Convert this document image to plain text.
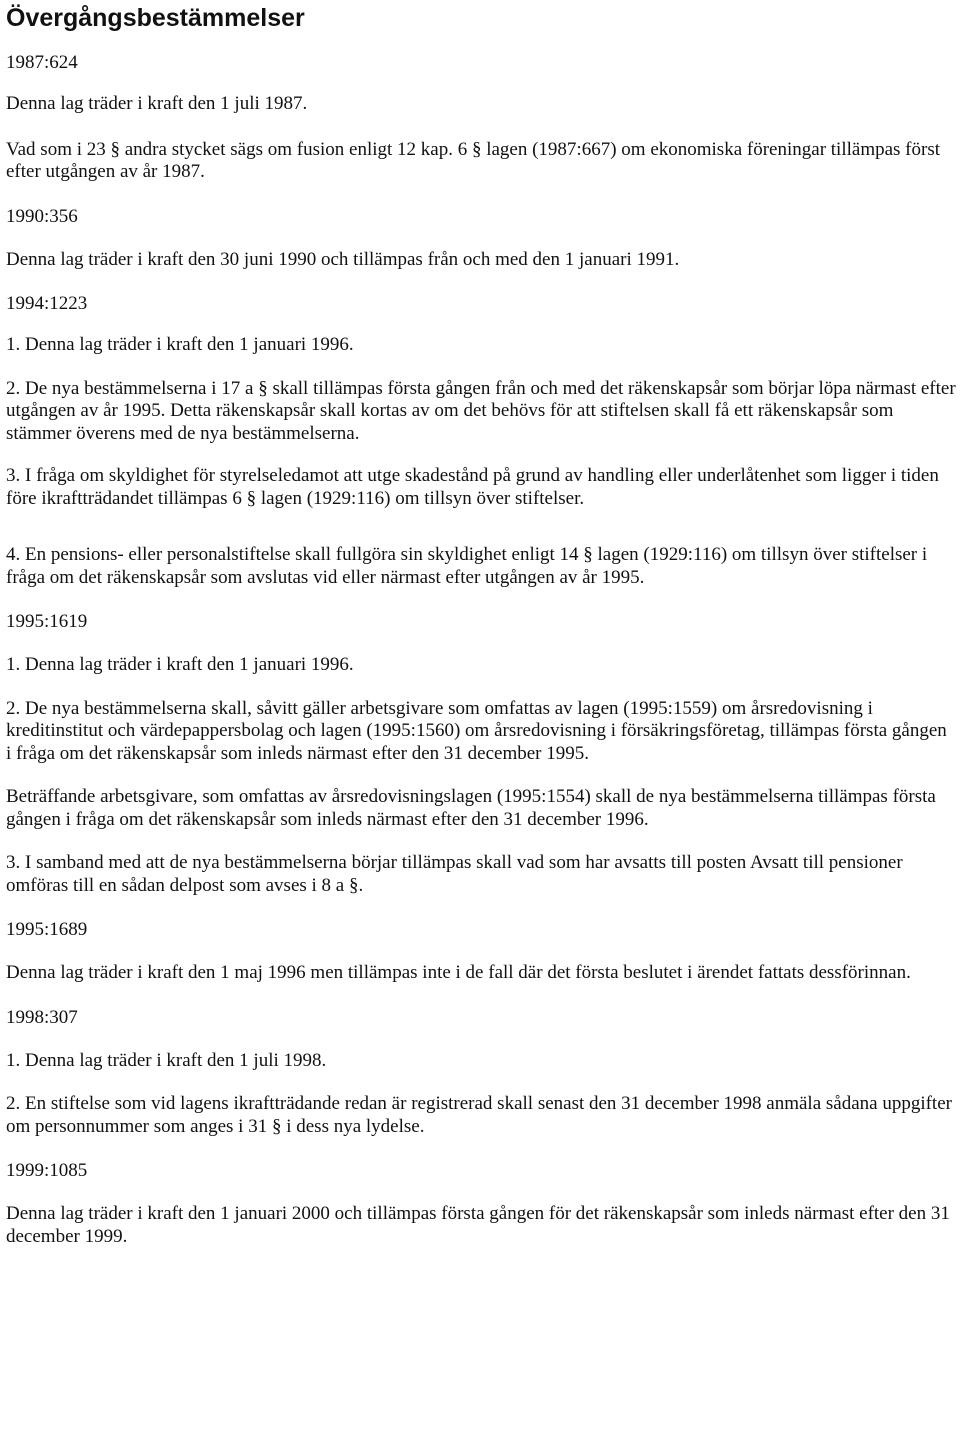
Övergångsbestämmelser
1987:624

Denna lag träder i kraft den 1 juli 1987.

Vad som i 23 § andra stycket sägs om fusion enligt 12 kap. 6 § lagen (1987:667) om ekonomiska föreningar tillämpas först efter utgången av år 1987.

1990:356

Denna lag träder i kraft den 30 juni 1990 och tillämpas från och med den 1 januari 1991.

1994:1223

1. Denna lag träder i kraft den 1 januari 1996.

2. De nya bestämmelserna i 17 a § skall tillämpas första gången från och med det räkenskapsår som börjar löpa närmast efter utgången av år 1995. Detta räkenskapsår skall kortas av om det behövs för att stiftelsen skall få ett räkenskapsår som stämmer överens med de nya bestämmelserna.

3. I fråga om skyldighet för styrelseledamot att utge skadestånd på grund av handling eller underlåtenhet som ligger i tiden före ikraftträdandet tillämpas 6 § lagen (1929:116) om tillsyn över stiftelser.

4. En pensions- eller personalstiftelse skall fullgöra sin skyldighet enligt 14 § lagen (1929:116) om tillsyn över stiftelser i fråga om det räkenskapsår som avslutas vid eller närmast efter utgången av år 1995.

1995:1619

1. Denna lag träder i kraft den 1 januari 1996.

2. De nya bestämmelserna skall, såvitt gäller arbetsgivare som omfattas av lagen (1995:1559) om årsredovisning i kreditinstitut och värdepappersbolag och lagen (1995:1560) om årsredovisning i försäkringsföretag, tillämpas första gången i fråga om det räkenskapsår som inleds närmast efter den 31 december 1995.

Beträffande arbetsgivare, som omfattas av årsredovisningslagen (1995:1554) skall de nya bestämmelserna tillämpas första gången i fråga om det räkenskapsår som inleds närmast efter den 31 december 1996.

3. I samband med att de nya bestämmelserna börjar tillämpas skall vad som har avsatts till posten Avsatt till pensioner omföras till en sådan delpost som avses i 8 a §.

1995:1689

Denna lag träder i kraft den 1 maj 1996 men tillämpas inte i de fall där det första beslutet i ärendet fattats dessförinnan.

1998:307

1. Denna lag träder i kraft den 1 juli 1998.

2. En stiftelse som vid lagens ikraftträdande redan är registrerad skall senast den 31 december 1998 anmäla sådana uppgifter om personnummer som anges i 31 § i dess nya lydelse.

1999:1085

Denna lag träder i kraft den 1 januari 2000 och tillämpas första gången för det räkenskapsår som inleds närmast efter den 31 december 1999.
